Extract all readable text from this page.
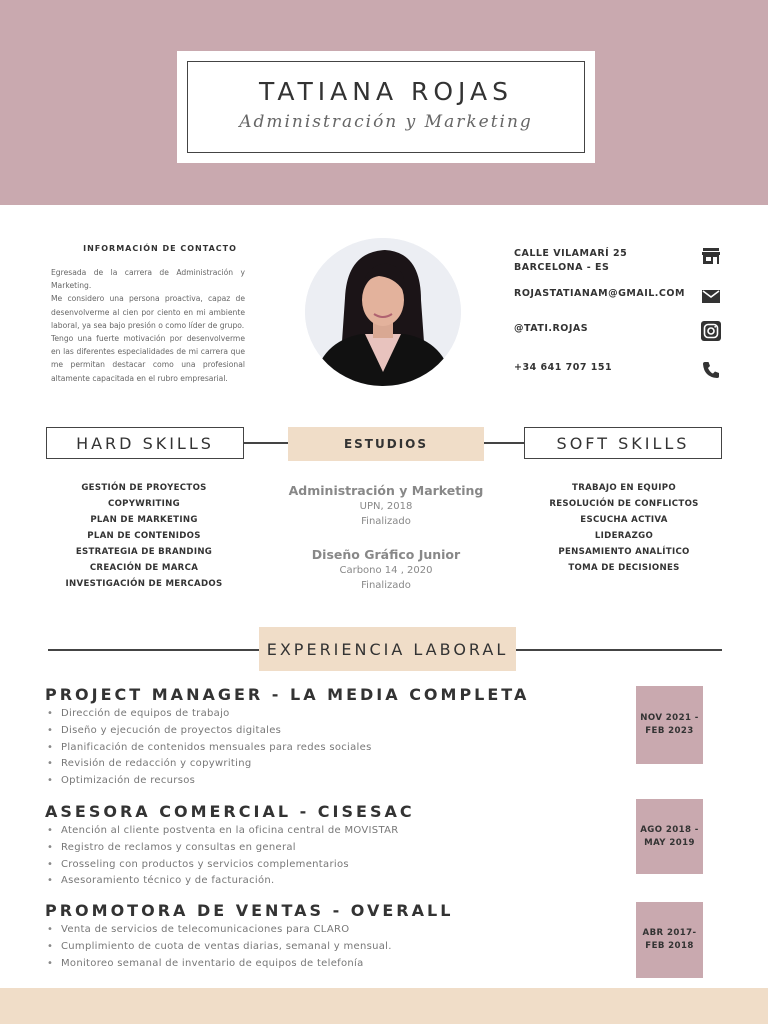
TATIANA ROJAS
Administración y Marketing
INFORMACIÓN DE CONTACTO

Egresada de la carrera de Administración y Marketing.

Me considero una persona proactiva, capaz de desenvolverme al cien por ciento en mi ambiente laboral, ya sea bajo presión o como líder de grupo.

Tengo una fuerte motivación por desenvolverme en las diferentes especialidades de mi carrera que me permitan destacar como una profesional altamente capacitada en el rubro empresarial.

CALLE VILAMARÍ 25
BARCELONA - ES
ROJASTATIANAM@GMAIL.COM
@TATI.ROJAS
+34 641 707 151
HARD SKILLS	ESTUDIOS	SOFT SKILLS
GESTIÓN DE PROYECTOS
COPYWRITING
PLAN DE MARKETING
PLAN DE CONTENIDOS
ESTRATEGIA DE BRANDING
CREACIÓN DE MARCA
INVESTIGACIÓN DE MERCADOS
Administración y Marketing
UPN, 2018
Finalizado
Diseño Gráfico Junior
Carbono 14 , 2020
Finalizado
TRABAJO EN EQUIPO
RESOLUCIÓN DE CONFLICTOS
ESCUCHA ACTIVA
LIDERAZGO
PENSAMIENTO ANALÍTICO
TOMA DE DECISIONES
EXPERIENCIA LABORAL
PROJECT MANAGER - LA MEDIA COMPLETA
• Dirección de equipos de trabajo
• Diseño y ejecución de proyectos digitales
• Planificación de contenidos mensuales para redes sociales
• Revisión de redacción y copywriting
• Optimización de recursos
NOV 2021 -
FEB 2023
ASESORA COMERCIAL - CISESAC
• Atención al cliente postventa en la oficina central de MOVISTAR
• Registro de reclamos y consultas en general
• Crosseling con productos y servicios complementarios
• Asesoramiento técnico y de facturación.
AGO 2018 -
MAY 2019
PROMOTORA DE VENTAS - OVERALL
• Venta de servicios de telecomunicaciones para CLARO
• Cumplimiento de cuota de ventas diarias, semanal y mensual.
• Monitoreo semanal de inventario de equipos de telefonía
ABR 2017-
FEB 2018
